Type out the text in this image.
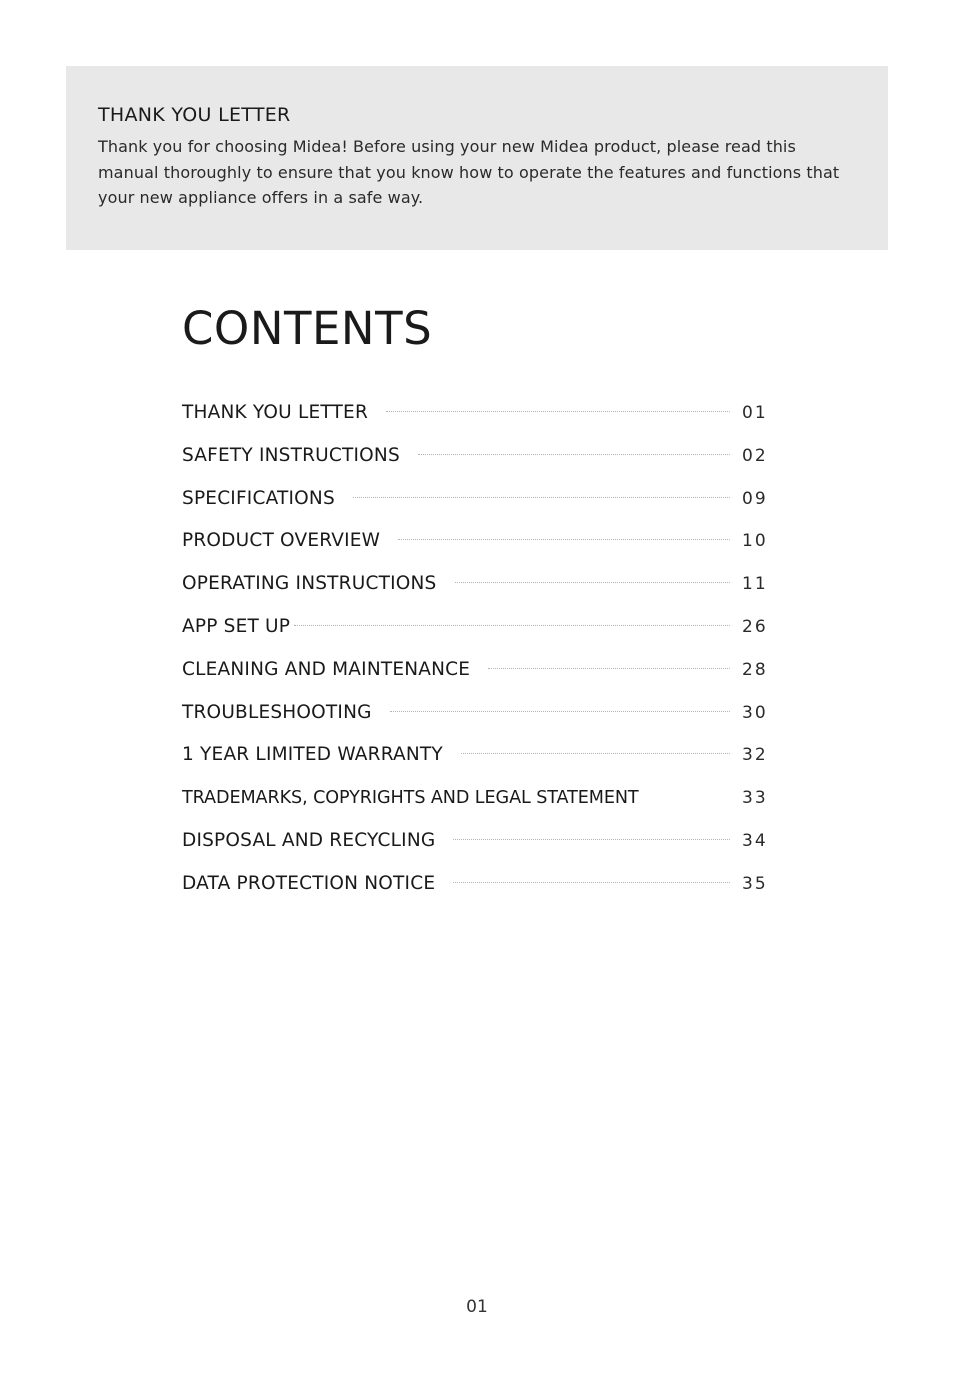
THANK YOU LETTER

Thank you for choosing Midea! Before using your new Midea product, please read this manual thoroughly to ensure that you know how to operate the features and functions that your new appliance offers in a safe way.

CONTENTS
THANK YOU LETTER	01
SAFETY INSTRUCTIONS	02
SPECIFICATIONS	09
PRODUCT OVERVIEW	10
OPERATING INSTRUCTIONS	11
APP SET UP	26
CLEANING AND MAINTENANCE	28
TROUBLESHOOTING	30
1 YEAR LIMITED WARRANTY	32
TRADEMARKS, COPYRIGHTS AND LEGAL STATEMENT	33
DISPOSAL AND RECYCLING	34
DATA PROTECTION NOTICE	35

01
